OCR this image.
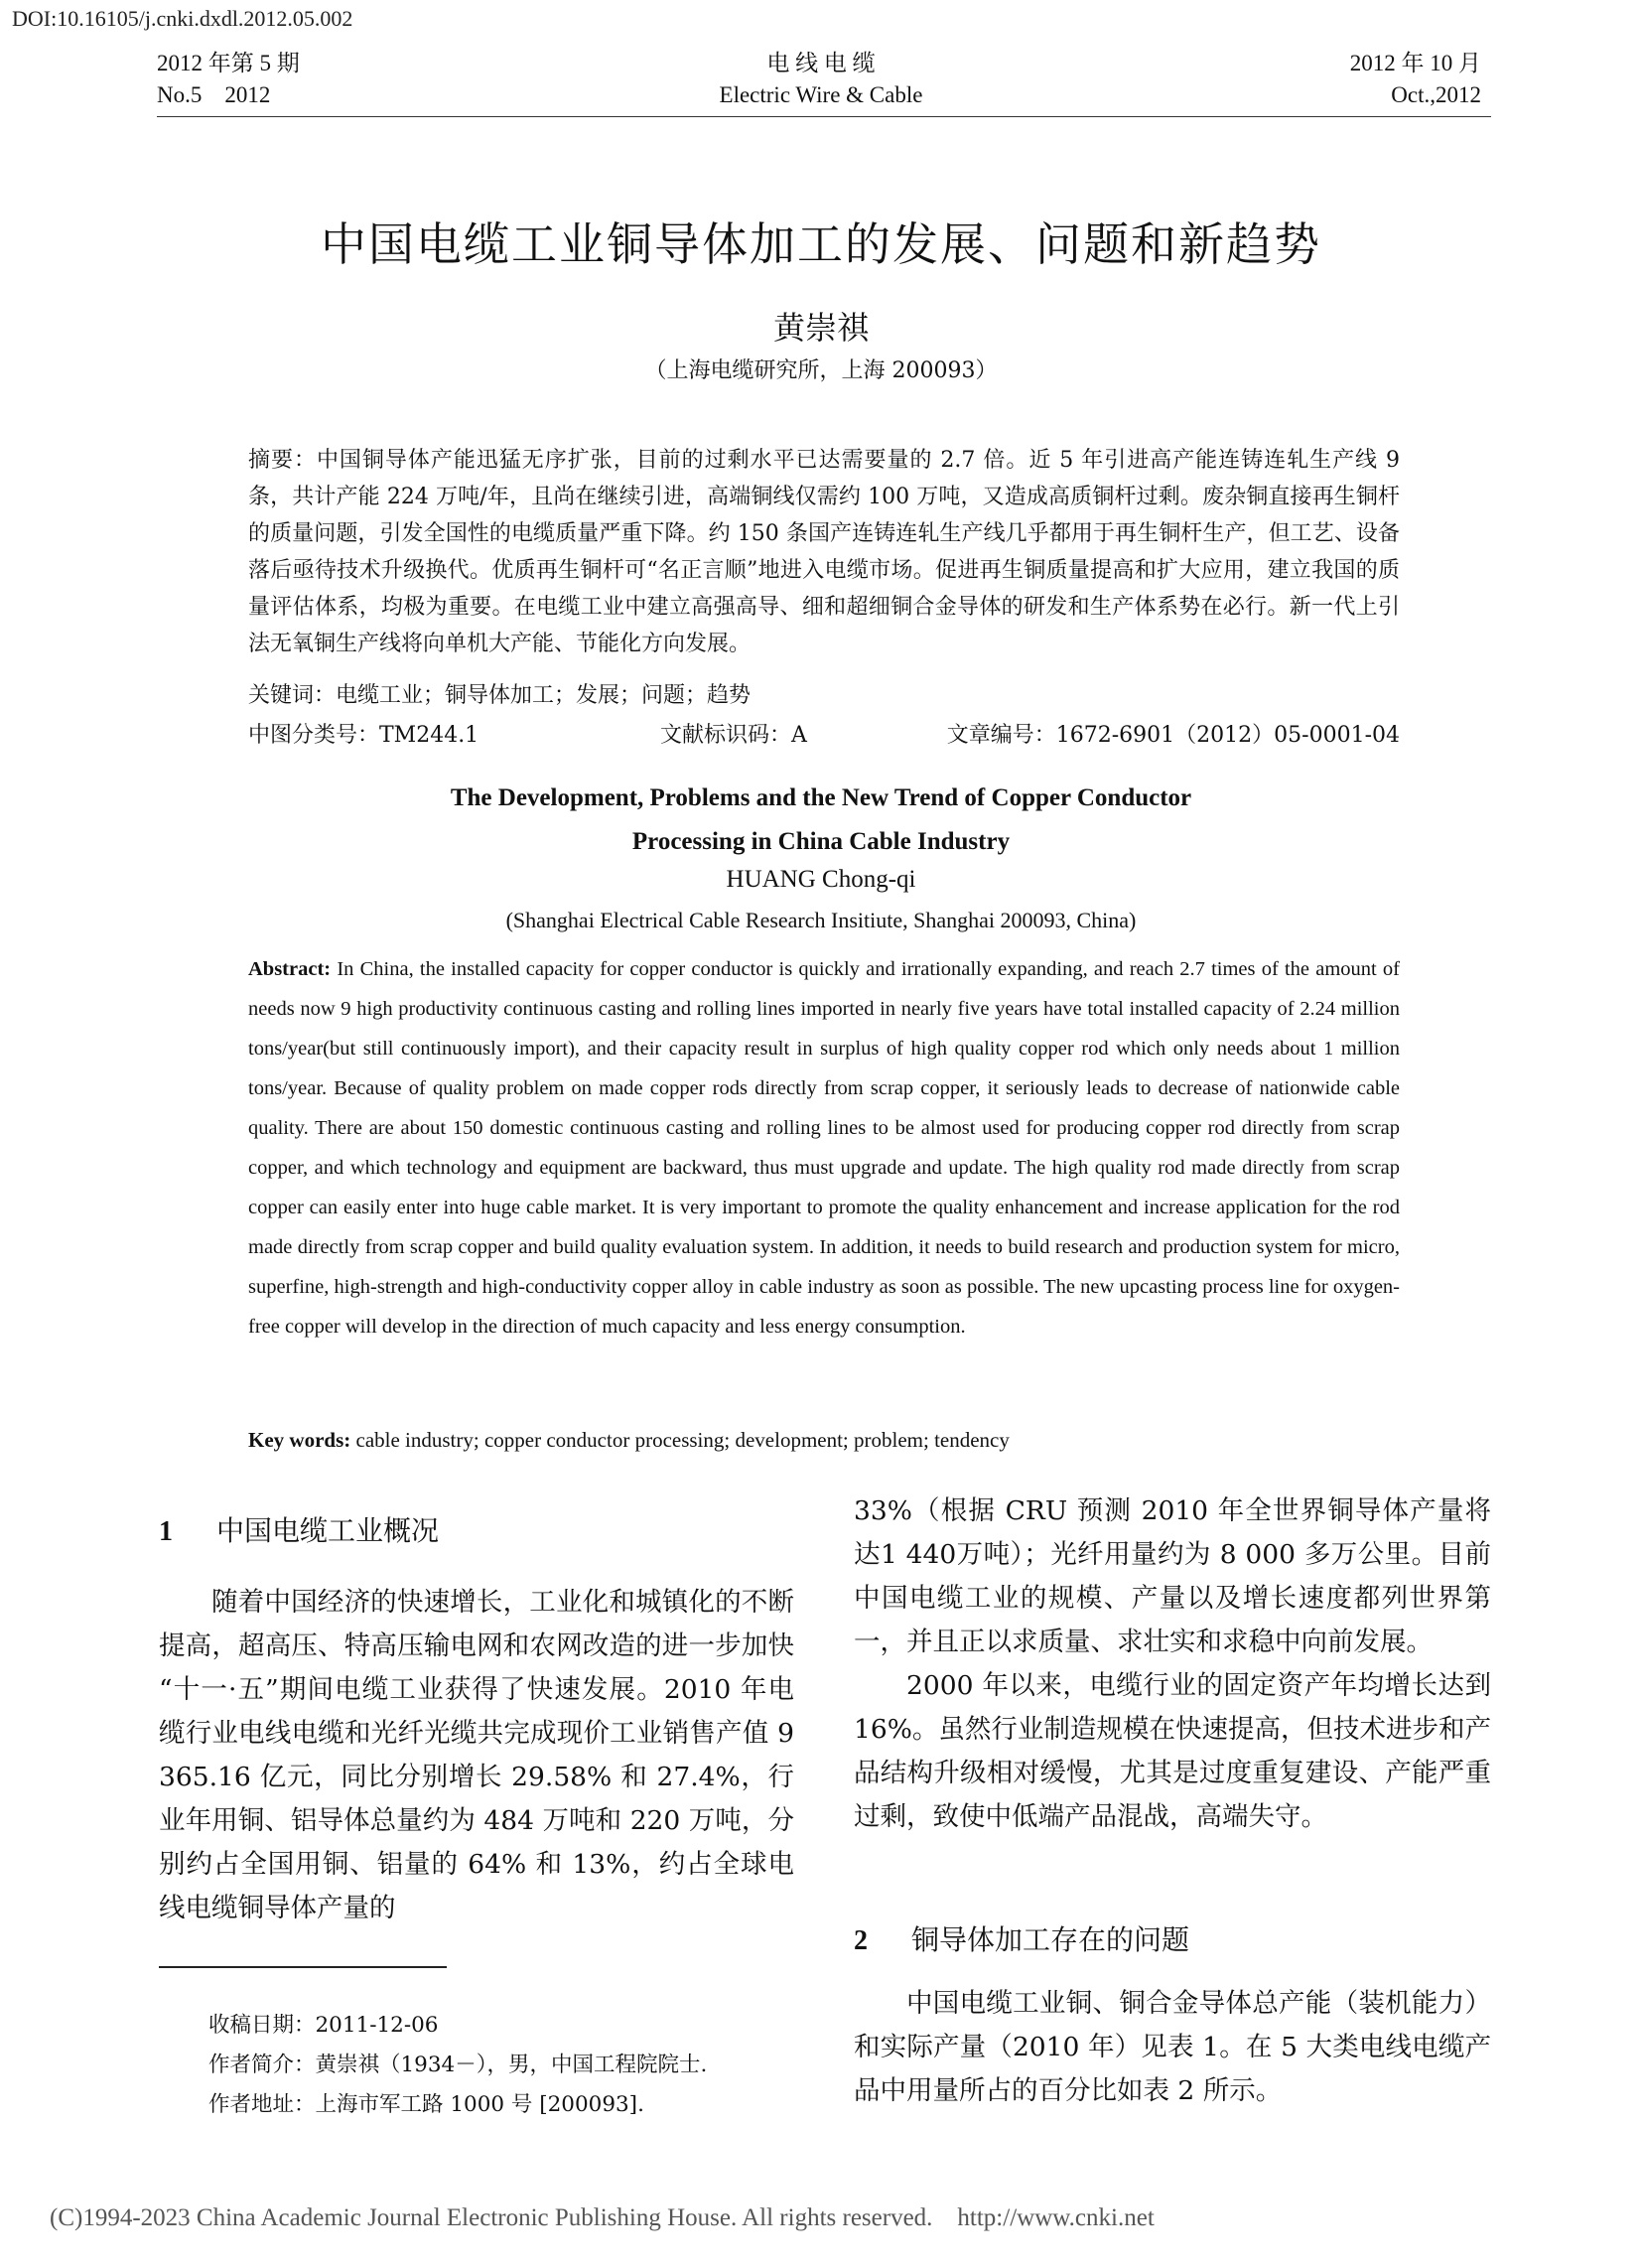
DOI:10.16105/j.cnki.dxdl.2012.05.002
2012 年第 5 期
No.5    2012
电 线 电 缆
Electric Wire & Cable
2012 年 10 月
Oct.,2012
中国电缆工业铜导体加工的发展、问题和新趋势
黄崇祺
（上海电缆研究所，上海 200093）
摘要：中国铜导体产能迅猛无序扩张，目前的过剩水平已达需要量的 2.7 倍。近 5 年引进高产能连铸连轧生产线 9 条，共计产能 224 万吨/年，且尚在继续引进，高端铜线仅需约 100 万吨，又造成高质铜杆过剩。废杂铜直接再生铜杆的质量问题，引发全国性的电缆质量严重下降。约 150 条国产连铸连轧生产线几乎都用于再生铜杆生产，但工艺、设备落后亟待技术升级换代。优质再生铜杆可“名正言顺”地进入电缆市场。促进再生铜质量提高和扩大应用，建立我国的质量评估体系，均极为重要。在电缆工业中建立高强高导、细和超细铜合金导体的研发和生产体系势在必行。新一代上引法无氧铜生产线将向单机大产能、节能化方向发展。
关键词：电缆工业；铜导体加工；发展；问题；趋势
中图分类号：TM244.1	文献标识码：A	文章编号：1672-6901（2012）05-0001-04
The Development, Problems and the New Trend of Copper Conductor
Processing in China Cable Industry
HUANG Chong-qi
(Shanghai Electrical Cable Research Insitiute, Shanghai 200093, China)
Abstract: In China, the installed capacity for copper conductor is quickly and irrationally expanding, and reach 2.7 times of the amount of needs now 9 high productivity continuous casting and rolling lines imported in nearly five years have total installed capacity of 2.24 million tons/year(but still continuously import), and their capacity result in surplus of high quality copper rod which only needs about 1 million tons/year. Because of quality problem on made copper rods directly from scrap copper, it seriously leads to decrease of nationwide cable quality. There are about 150 domestic continuous casting and rolling lines to be almost used for producing copper rod directly from scrap copper, and which technology and equipment are backward, thus must upgrade and update. The high quality rod made directly from scrap copper can easily enter into huge cable market. It is very important to promote the quality enhancement and increase application for the rod made directly from scrap copper and build quality evaluation system. In addition, it needs to build research and production system for micro, superfine, high-strength and high-conductivity copper alloy in cable industry as soon as possible. The new upcasting process line for oxygen-free copper will develop in the direction of much capacity and less energy consumption.
Key words: cable industry; copper conductor processing; development; problem; tendency
1 中国电缆工业概况

随着中国经济的快速增长，工业化和城镇化的不断提高，超高压、特高压输电网和农网改造的进一步加快 “十一·五”期间电缆工业获得了快速发展。2010 年电缆行业电线电缆和光纤光缆共完成现价工业销售产值 9 365.16 亿元，同比分别增长 29.58% 和 27.4%，行业年用铜、铝导体总量约为 484 万吨和 220 万吨，分别约占全国用铜、铝量的 64% 和 13%，约占全球电线电缆铜导体产量的

33%（根据 CRU 预测 2010 年全世界铜导体产量将达1 440万吨）；光纤用量约为 8 000 多万公里。目前中国电缆工业的规模、产量以及增长速度都列世界第一，并且正以求质量、求壮实和求稳中向前发展。

2000 年以来，电缆行业的固定资产年均增长达到 16%。虽然行业制造规模在快速提高，但技术进步和产品结构升级相对缓慢，尤其是过度重复建设、产能严重过剩，致使中低端产品混战，高端失守。

2 铜导体加工存在的问题

中国电缆工业铜、铜合金导体总产能（装机能力）和实际产量（2010 年）见表 1。在 5 大类电线电缆产品中用量所占的百分比如表 2 所示。

收稿日期：2011-12-06
作者简介：黄崇祺（1934－），男，中国工程院院士.
作者地址：上海市军工路 1000 号 [200093].
(C)1994-2023 China Academic Journal Electronic Publishing House. All rights reserved.    http://www.cnki.net
